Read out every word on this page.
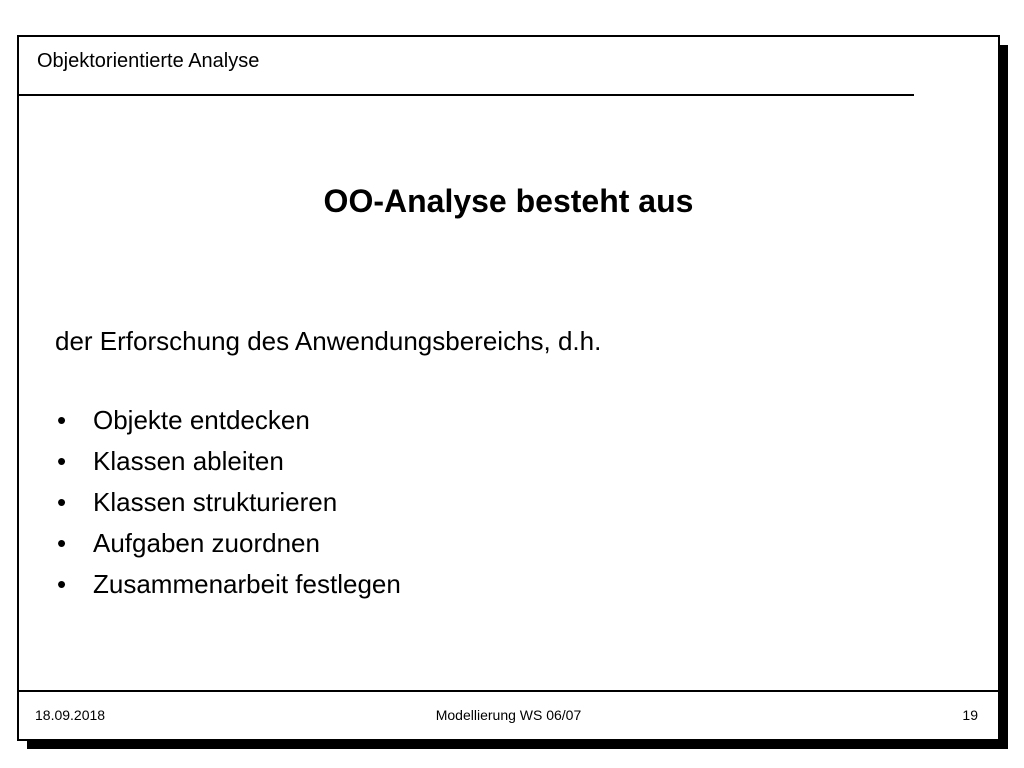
Objektorientierte Analyse
OO-Analyse besteht aus
der Erforschung des Anwendungsbereichs, d.h.
•	Objekte entdecken
•	Klassen ableiten
•	Klassen strukturieren
•	Aufgaben zuordnen
•	Zusammenarbeit festlegen
18.09.2018	Modellierung WS 06/07	19
